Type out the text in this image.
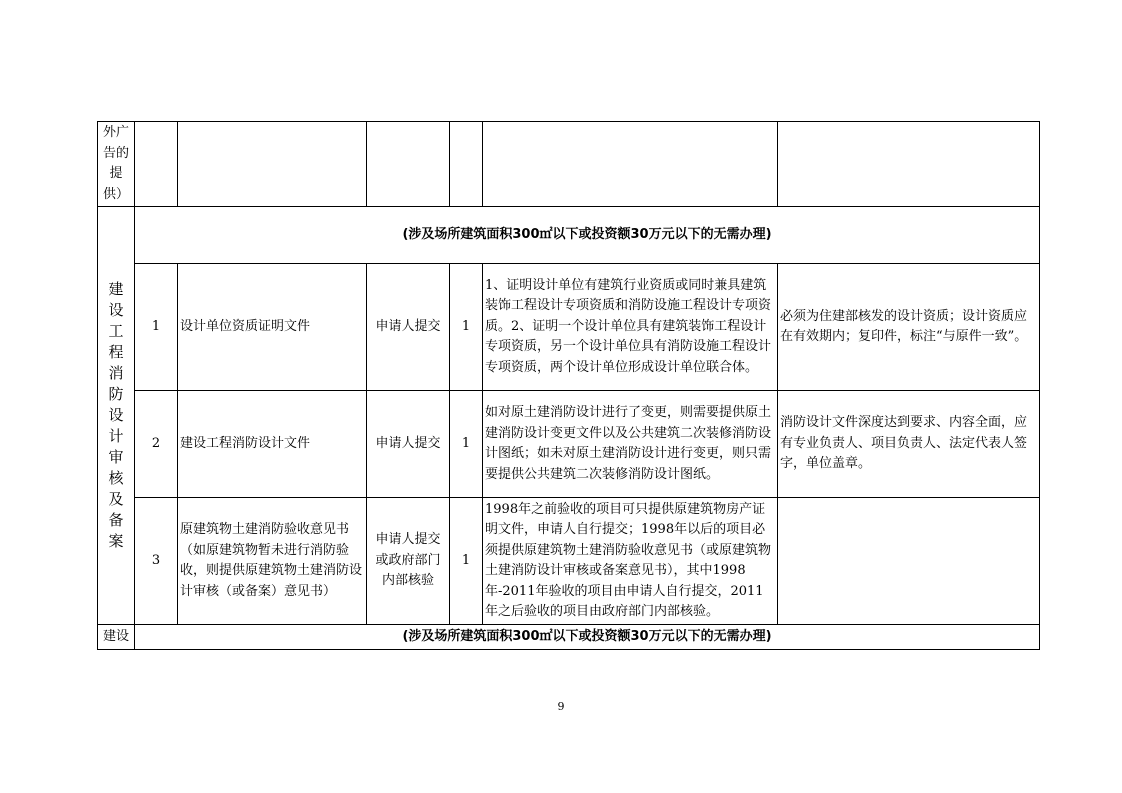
外广告的提供）						

建设工程消防设计审核及备案	(涉及场所建筑面积300㎡以下或投资额30万元以下的无需办理)					
	1	设计单位资质证明文件	申请人提交	1	1、证明设计单位有建筑行业资质或同时兼具建筑装饰工程设计专项资质和消防设施工程设计专项资质。2、证明一个设计单位具有建筑装饰工程设计专项资质，另一个设计单位具有消防设施工程设计专项资质，两个设计单位形成设计单位联合体。	必须为住建部核发的设计资质；设计资质应在有效期内；复印件，标注“与原件一致”。
	2	建设工程消防设计文件	申请人提交	1	如对原土建消防设计进行了变更，则需要提供原土建消防设计变更文件以及公共建筑二次装修消防设计图纸；如未对原土建消防设计进行变更，则只需要提供公共建筑二次装修消防设计图纸。	消防设计文件深度达到要求、内容全面，应有专业负责人、项目负责人、法定代表人签字，单位盖章。
	3	原建筑物土建消防验收意见书（如原建筑物暂未进行消防验收，则提供原建筑物土建消防设计审核（或备案）意见书）	申请人提交或政府部门内部核验	1	1998年之前验收的项目可只提供原建筑物房产证明文件，申请人自行提交；1998年以后的项目必须提供原建筑物土建消防验收意见书（或原建筑物土建消防设计审核或备案意见书），其中1998年-2011年验收的项目由申请人自行提交，2011年之后验收的项目由政府部门内部核验。	
建设	(涉及场所建筑面积300㎡以下或投资额30万元以下的无需办理)					
9
